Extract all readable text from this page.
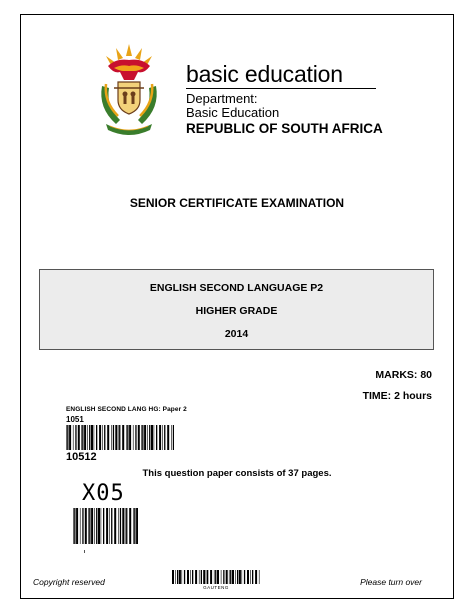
basic education
Department:
Basic Education
REPUBLIC OF SOUTH AFRICA
SENIOR CERTIFICATE EXAMINATION
ENGLISH SECOND LANGUAGE P2
HIGHER GRADE
2014
MARKS: 80
TIME: 2 hours
ENGLISH SECOND LANG HG: Paper 2
1051
10512
This question paper consists of 37 pages.
X05
Copyright reserved
GAUTENG
Please turn over
